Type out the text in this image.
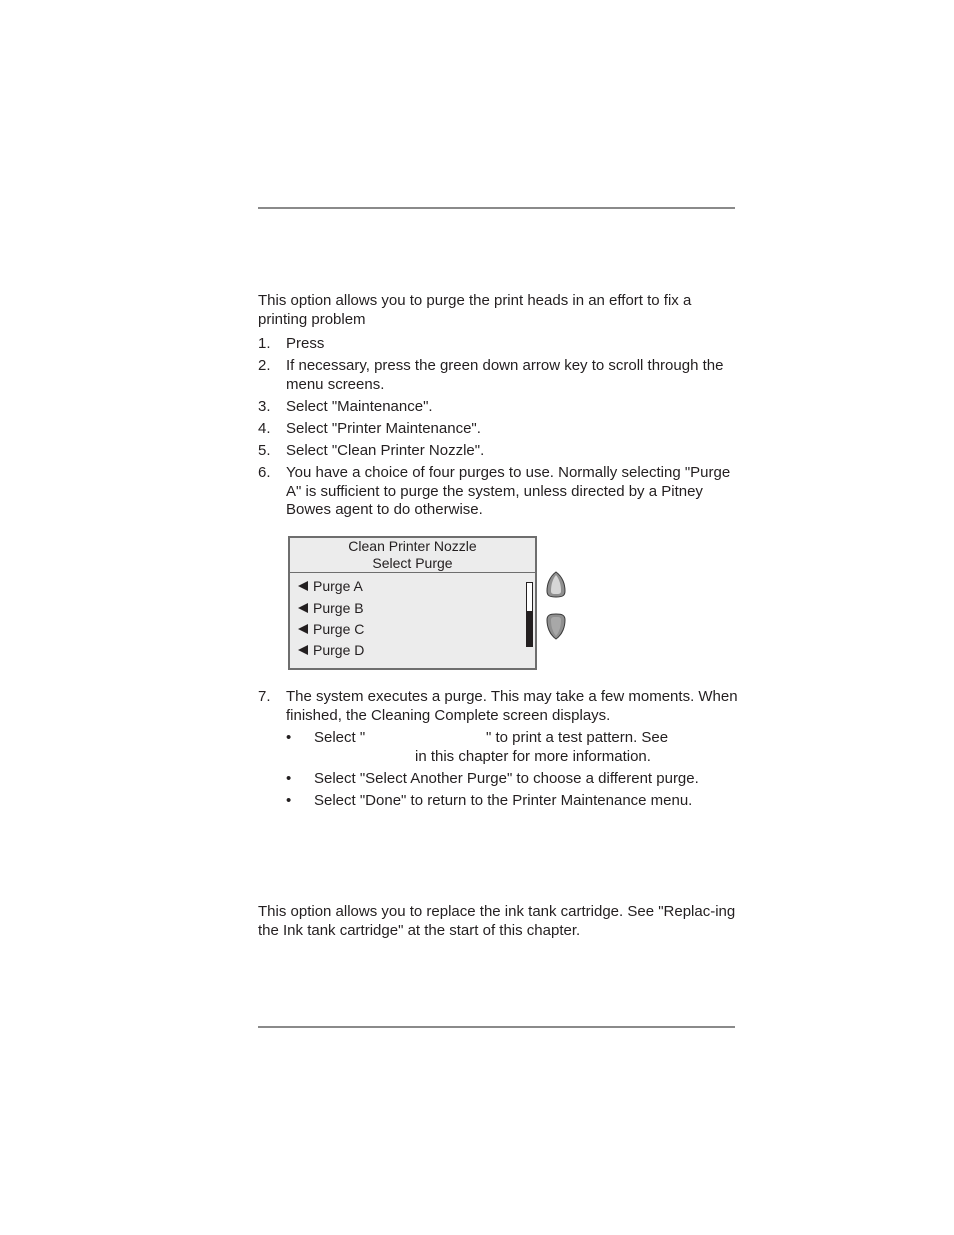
This option allows you to purge the print heads in an effort to fix a printing problem

1. Press
2. If necessary, press the green down arrow key to scroll through the menu screens.
3. Select "Maintenance".
4. Select "Printer Maintenance".
5. Select "Clean Printer Nozzle".
6. You have a choice of four purges to use. Normally selecting "Purge A" is sufficient to purge the system, unless directed by a Pitney Bowes agent to do otherwise.
Clean Printer Nozzle
Select Purge
Purge A
Purge B
Purge C
Purge D
7. The system executes a purge. This may take a few moments. When finished, the Cleaning Complete screen displays.
• Select "	" to print a test pattern. See
in this chapter for more information.
• Select "Select Another Purge" to choose a different purge.
• Select "Done" to return to the Printer Maintenance menu.

This option allows you to replace the ink tank cartridge. See "Replac-ing the Ink tank cartridge" at the start of this chapter.
